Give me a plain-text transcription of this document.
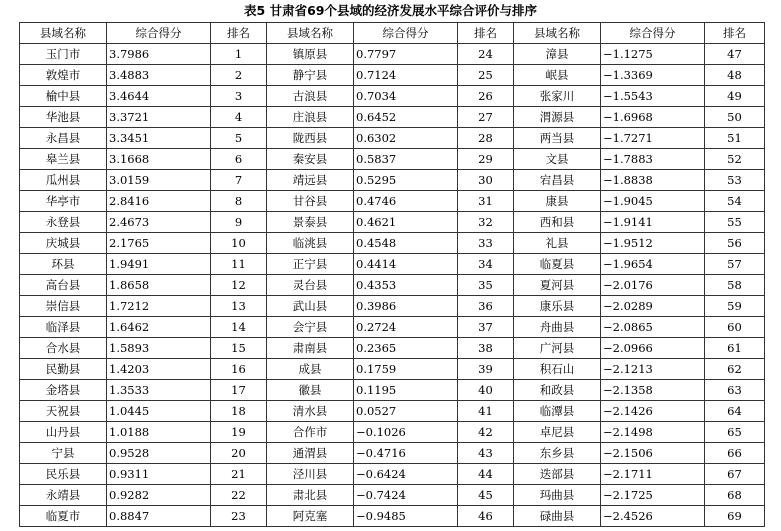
表5 甘肃省69个县域的经济发展水平综合评价与排序
县域名称	综合得分	排名	县域名称	综合得分	排名	县域名称	综合得分	排名
玉门市	3.7986	1	镇原县	0.7797	24	漳县	−1.1275	47
敦煌市	3.4883	2	静宁县	0.7124	25	岷县	−1.3369	48
榆中县	3.4644	3	古浪县	0.7034	26	张家川	−1.5543	49
华池县	3.3721	4	庄浪县	0.6452	27	渭源县	−1.6968	50
永昌县	3.3451	5	陇西县	0.6302	28	两当县	−1.7271	51
皋兰县	3.1668	6	秦安县	0.5837	29	文县	−1.7883	52
瓜州县	3.0159	7	靖远县	0.5295	30	宕昌县	−1.8838	53
华亭市	2.8416	8	甘谷县	0.4746	31	康县	−1.9045	54
永登县	2.4673	9	景泰县	0.4621	32	西和县	−1.9141	55
庆城县	2.1765	10	临洮县	0.4548	33	礼县	−1.9512	56
环县	1.9491	11	正宁县	0.4414	34	临夏县	−1.9654	57
高台县	1.8658	12	灵台县	0.4353	35	夏河县	−2.0176	58
崇信县	1.7212	13	武山县	0.3986	36	康乐县	−2.0289	59
临泽县	1.6462	14	会宁县	0.2724	37	舟曲县	−2.0865	60
合水县	1.5893	15	肃南县	0.2365	38	广河县	−2.0966	61
民勤县	1.4203	16	成县	0.1759	39	积石山	−2.1213	62
金塔县	1.3533	17	徽县	0.1195	40	和政县	−2.1358	63
天祝县	1.0445	18	清水县	0.0527	41	临潭县	−2.1426	64
山丹县	1.0188	19	合作市	−0.1026	42	卓尼县	−2.1498	65
宁县	0.9528	20	通渭县	−0.4716	43	东乡县	−2.1506	66
民乐县	0.9311	21	泾川县	−0.6424	44	迭部县	−2.1711	67
永靖县	0.9282	22	肃北县	−0.7424	45	玛曲县	−2.1725	68
临夏市	0.8847	23	阿克塞	−0.9485	46	碌曲县	−2.4526	69
